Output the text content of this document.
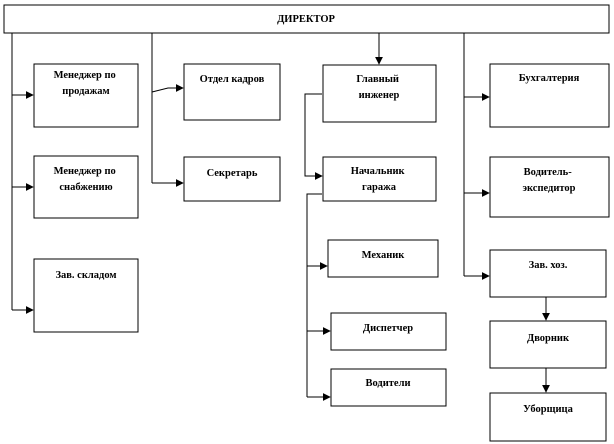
ДИРЕКТОР
Менеджер по продажам
Менеджер по снабжению
Зав. складом
Отдел кадров
Секретарь
Главный инженер
Начальник гаража
Механик
Диспетчер
Водители
Бухгалтерия
Водитель- экспедитор
Зав. хоз.
Дворник
Уборщица
